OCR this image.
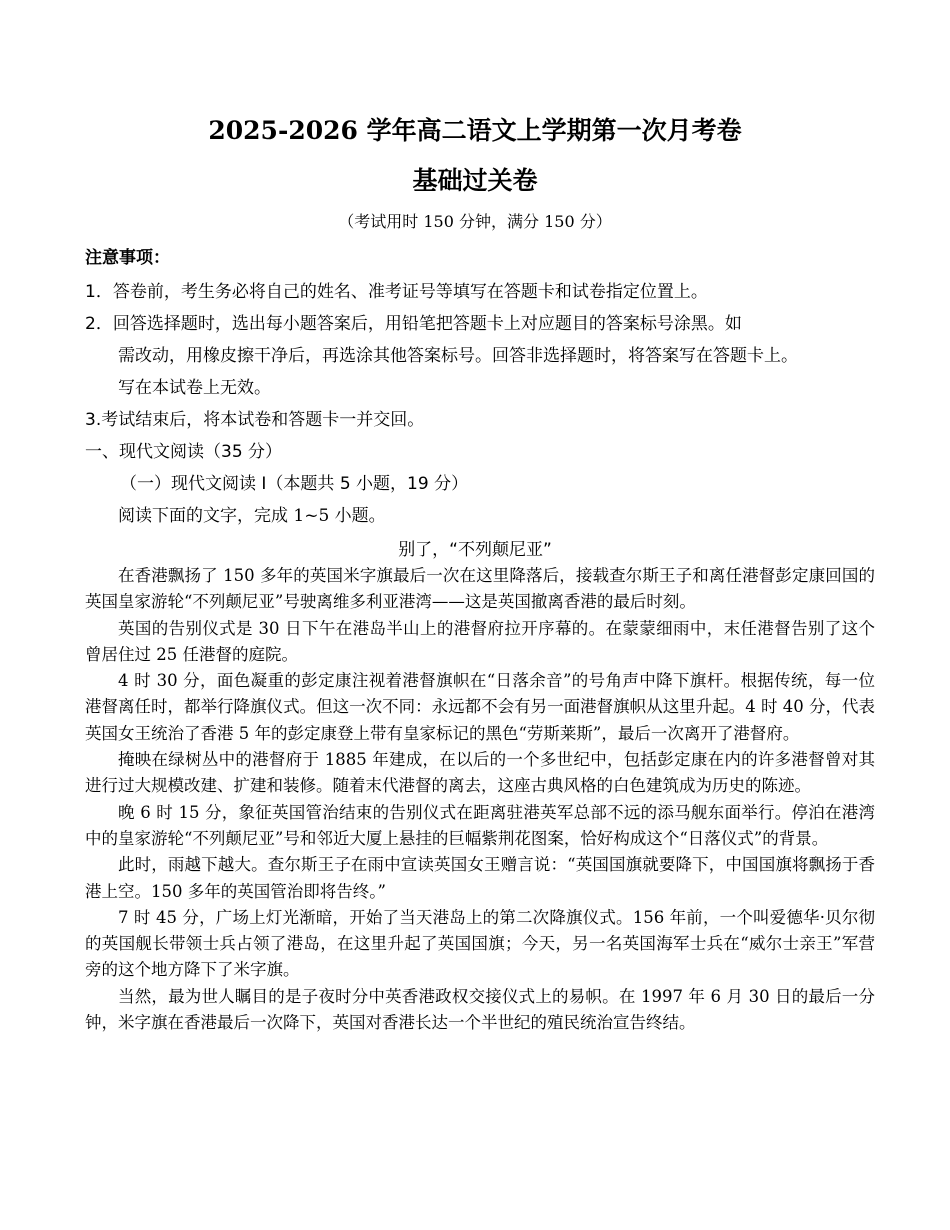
2025-2026 学年高二语文上学期第一次月考卷
基础过关卷
（考试用时 150 分钟，满分 150 分）
注意事项：
1．答卷前，考生务必将自己的姓名、准考证号等填写在答题卡和试卷指定位置上。
2．回答选择题时，选出每小题答案后，用铅笔把答题卡上对应题目的答案标号涂黑。如
需改动，用橡皮擦干净后，再选涂其他答案标号。回答非选择题时，将答案写在答题卡上。
写在本试卷上无效。
3.考试结束后，将本试卷和答题卡一并交回。
一、现代文阅读（35 分）
（一）现代文阅读 Ⅰ（本题共 5 小题，19 分）
阅读下面的文字，完成 1~5 小题。
别了，“不列颠尼亚”

在香港飘扬了 150 多年的英国米字旗最后一次在这里降落后，接载查尔斯王子和离任港督彭定康回国的英国皇家游轮“不列颠尼亚”号驶离维多利亚港湾——这是英国撤离香港的最后时刻。

英国的告别仪式是 30 日下午在港岛半山上的港督府拉开序幕的。在蒙蒙细雨中，末任港督告别了这个曾居住过 25 任港督的庭院。

4 时 30 分，面色凝重的彭定康注视着港督旗帜在“日落余音”的号角声中降下旗杆。根据传统，每一位港督离任时，都举行降旗仪式。但这一次不同：永远都不会有另一面港督旗帜从这里升起。4 时 40 分，代表英国女王统治了香港 5 年的彭定康登上带有皇家标记的黑色“劳斯莱斯”，最后一次离开了港督府。

掩映在绿树丛中的港督府于 1885 年建成，在以后的一个多世纪中，包括彭定康在内的许多港督曾对其进行过大规模改建、扩建和装修。随着末代港督的离去，这座古典风格的白色建筑成为历史的陈迹。

晚 6 时 15 分，象征英国管治结束的告别仪式在距离驻港英军总部不远的添马舰东面举行。停泊在港湾中的皇家游轮“不列颠尼亚”号和邻近大厦上悬挂的巨幅紫荆花图案，恰好构成这个“日落仪式”的背景。

此时，雨越下越大。查尔斯王子在雨中宣读英国女王赠言说：“英国国旗就要降下，中国国旗将飘扬于香港上空。150 多年的英国管治即将告终。”

7 时 45 分，广场上灯光渐暗，开始了当天港岛上的第二次降旗仪式。156 年前，一个叫爱德华·贝尔彻的英国舰长带领士兵占领了港岛，在这里升起了英国国旗；今天，另一名英国海军士兵在“威尔士亲王”军营旁的这个地方降下了米字旗。

当然，最为世人瞩目的是子夜时分中英香港政权交接仪式上的易帜。在 1997 年 6 月 30 日的最后一分钟，米字旗在香港最后一次降下，英国对香港长达一个半世纪的殖民统治宣告终结。
